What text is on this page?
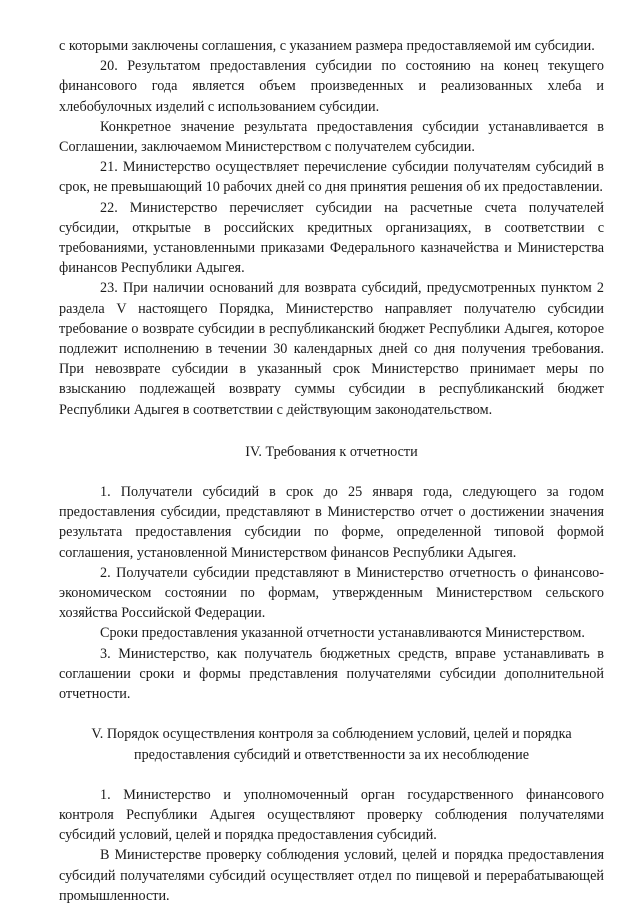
с которыми заключены соглашения, с указанием размера предоставляемой им субсидии.

20. Результатом предоставления субсидии по состоянию на конец текущего финансового года является объем произведенных и реализованных хлеба и хлебобулочных изделий с использованием субсидии.

Конкретное значение результата предоставления субсидии устанавливается в Соглашении, заключаемом Министерством с получателем субсидии.

21. Министерство осуществляет перечисление субсидии получателям субсидий в срок, не превышающий 10 рабочих дней со дня принятия решения об их предоставлении.

22. Министерство перечисляет субсидии на расчетные счета получателей субсидии, открытые в российских кредитных организациях, в соответствии с требованиями, установленными приказами Федерального казначейства и Министерства финансов Республики Адыгея.

23. При наличии оснований для возврата субсидий, предусмотренных пунктом 2 раздела V настоящего Порядка, Министерство направляет получателю субсидии требование о возврате субсидии в республиканский бюджет Республики Адыгея, которое подлежит исполнению в течении 30 календарных дней со дня получения требования. При невозврате субсидии в указанный срок Министерство принимает меры по взысканию подлежащей возврату суммы субсидии в республиканский бюджет Республики Адыгея в соответствии с действующим законодательством.

IV. Требования к отчетности

1. Получатели субсидий в срок до 25 января года, следующего за годом предоставления субсидии, представляют в Министерство отчет о достижении значения результата предоставления субсидии по форме, определенной типовой формой соглашения, установленной Министерством финансов Республики Адыгея.

2. Получатели субсидии представляют в Министерство отчетность о финансово-экономическом состоянии по формам, утвержденным Министерством сельского хозяйства Российской Федерации.

Сроки предоставления указанной отчетности устанавливаются Министерством.

3. Министерство, как получатель бюджетных средств, вправе устанавливать в соглашении сроки и формы представления получателями субсидии дополнительной отчетности.

V. Порядок осуществления контроля за соблюдением условий, целей и порядка
предоставления субсидий и ответственности за их несоблюдение

1. Министерство и уполномоченный орган государственного финансового контроля Республики Адыгея осуществляют проверку соблюдения получателями субсидий условий, целей и порядка предоставления субсидий.

В Министерстве проверку соблюдения условий, целей и порядка предоставления субсидий получателями субсидий осуществляет отдел по пищевой и перерабатывающей промышленности.
